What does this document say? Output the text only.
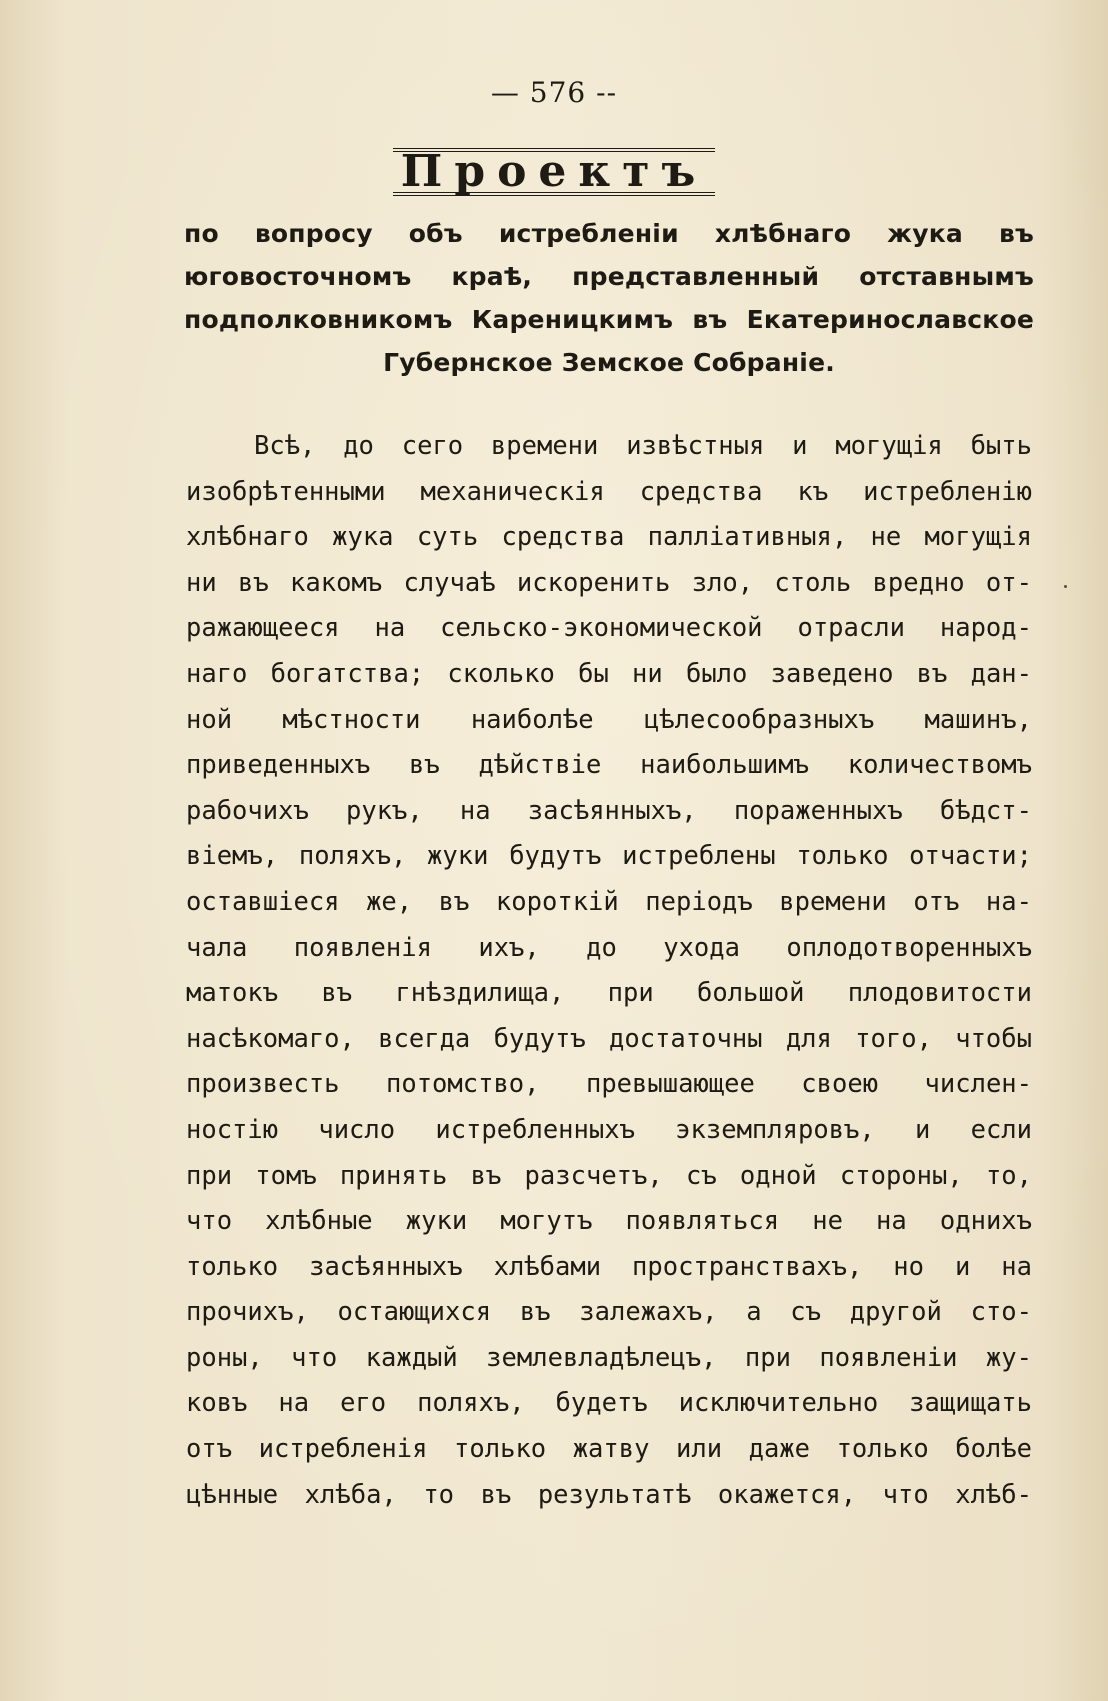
— 576 --
Проектъ
по вопросу объ истребленіи хлѣбнаго жука въ юговосточномъ краѣ, представленный отставнымъ подполковникомъ Кареницкимъ въ Екатеринославское Губернское Земское Собраніе.
Всѣ, до сего времени извѣстныя и могущія быть
изобрѣтенными механическія средства къ истребленію
хлѣбнаго жука суть средства палліативныя, не могущія
ни въ какомъ случаѣ искоренить зло, столь вредно от-
ражающееся на сельско-экономической отрасли народ-
наго богатства; сколько бы ни было заведено въ дан-
ной мѣстности наиболѣе цѣлесообразныхъ машинъ,
приведенныхъ въ дѣйствіе наибольшимъ количествомъ
рабочихъ рукъ, на засѣянныхъ, пораженныхъ бѣдст-
віемъ, поляхъ, жуки будутъ истреблены только отчасти;
оставшіеся же, въ короткій періодъ времени отъ на-
чала появленія ихъ, до ухода оплодотворенныхъ
матокъ въ гнѣздилища, при большой плодовитости
насѣкомаго, всегда будутъ достаточны для того, чтобы
произвесть потомство, превышающее своею числен-
ностію число истребленныхъ экземпляровъ, и если
при томъ принять въ разсчетъ, съ одной стороны, то,
что хлѣбные жуки могутъ появляться не на однихъ
только засѣянныхъ хлѣбами пространствахъ, но и на
прочихъ, остающихся въ залежахъ, а съ другой сто-
роны, что каждый землевладѣлецъ, при появленіи жу-
ковъ на его поляхъ, будетъ исключительно защищать
отъ истребленія только жатву или даже только болѣе
цѣнные хлѣба, то въ результатѣ окажется, что хлѣб-
